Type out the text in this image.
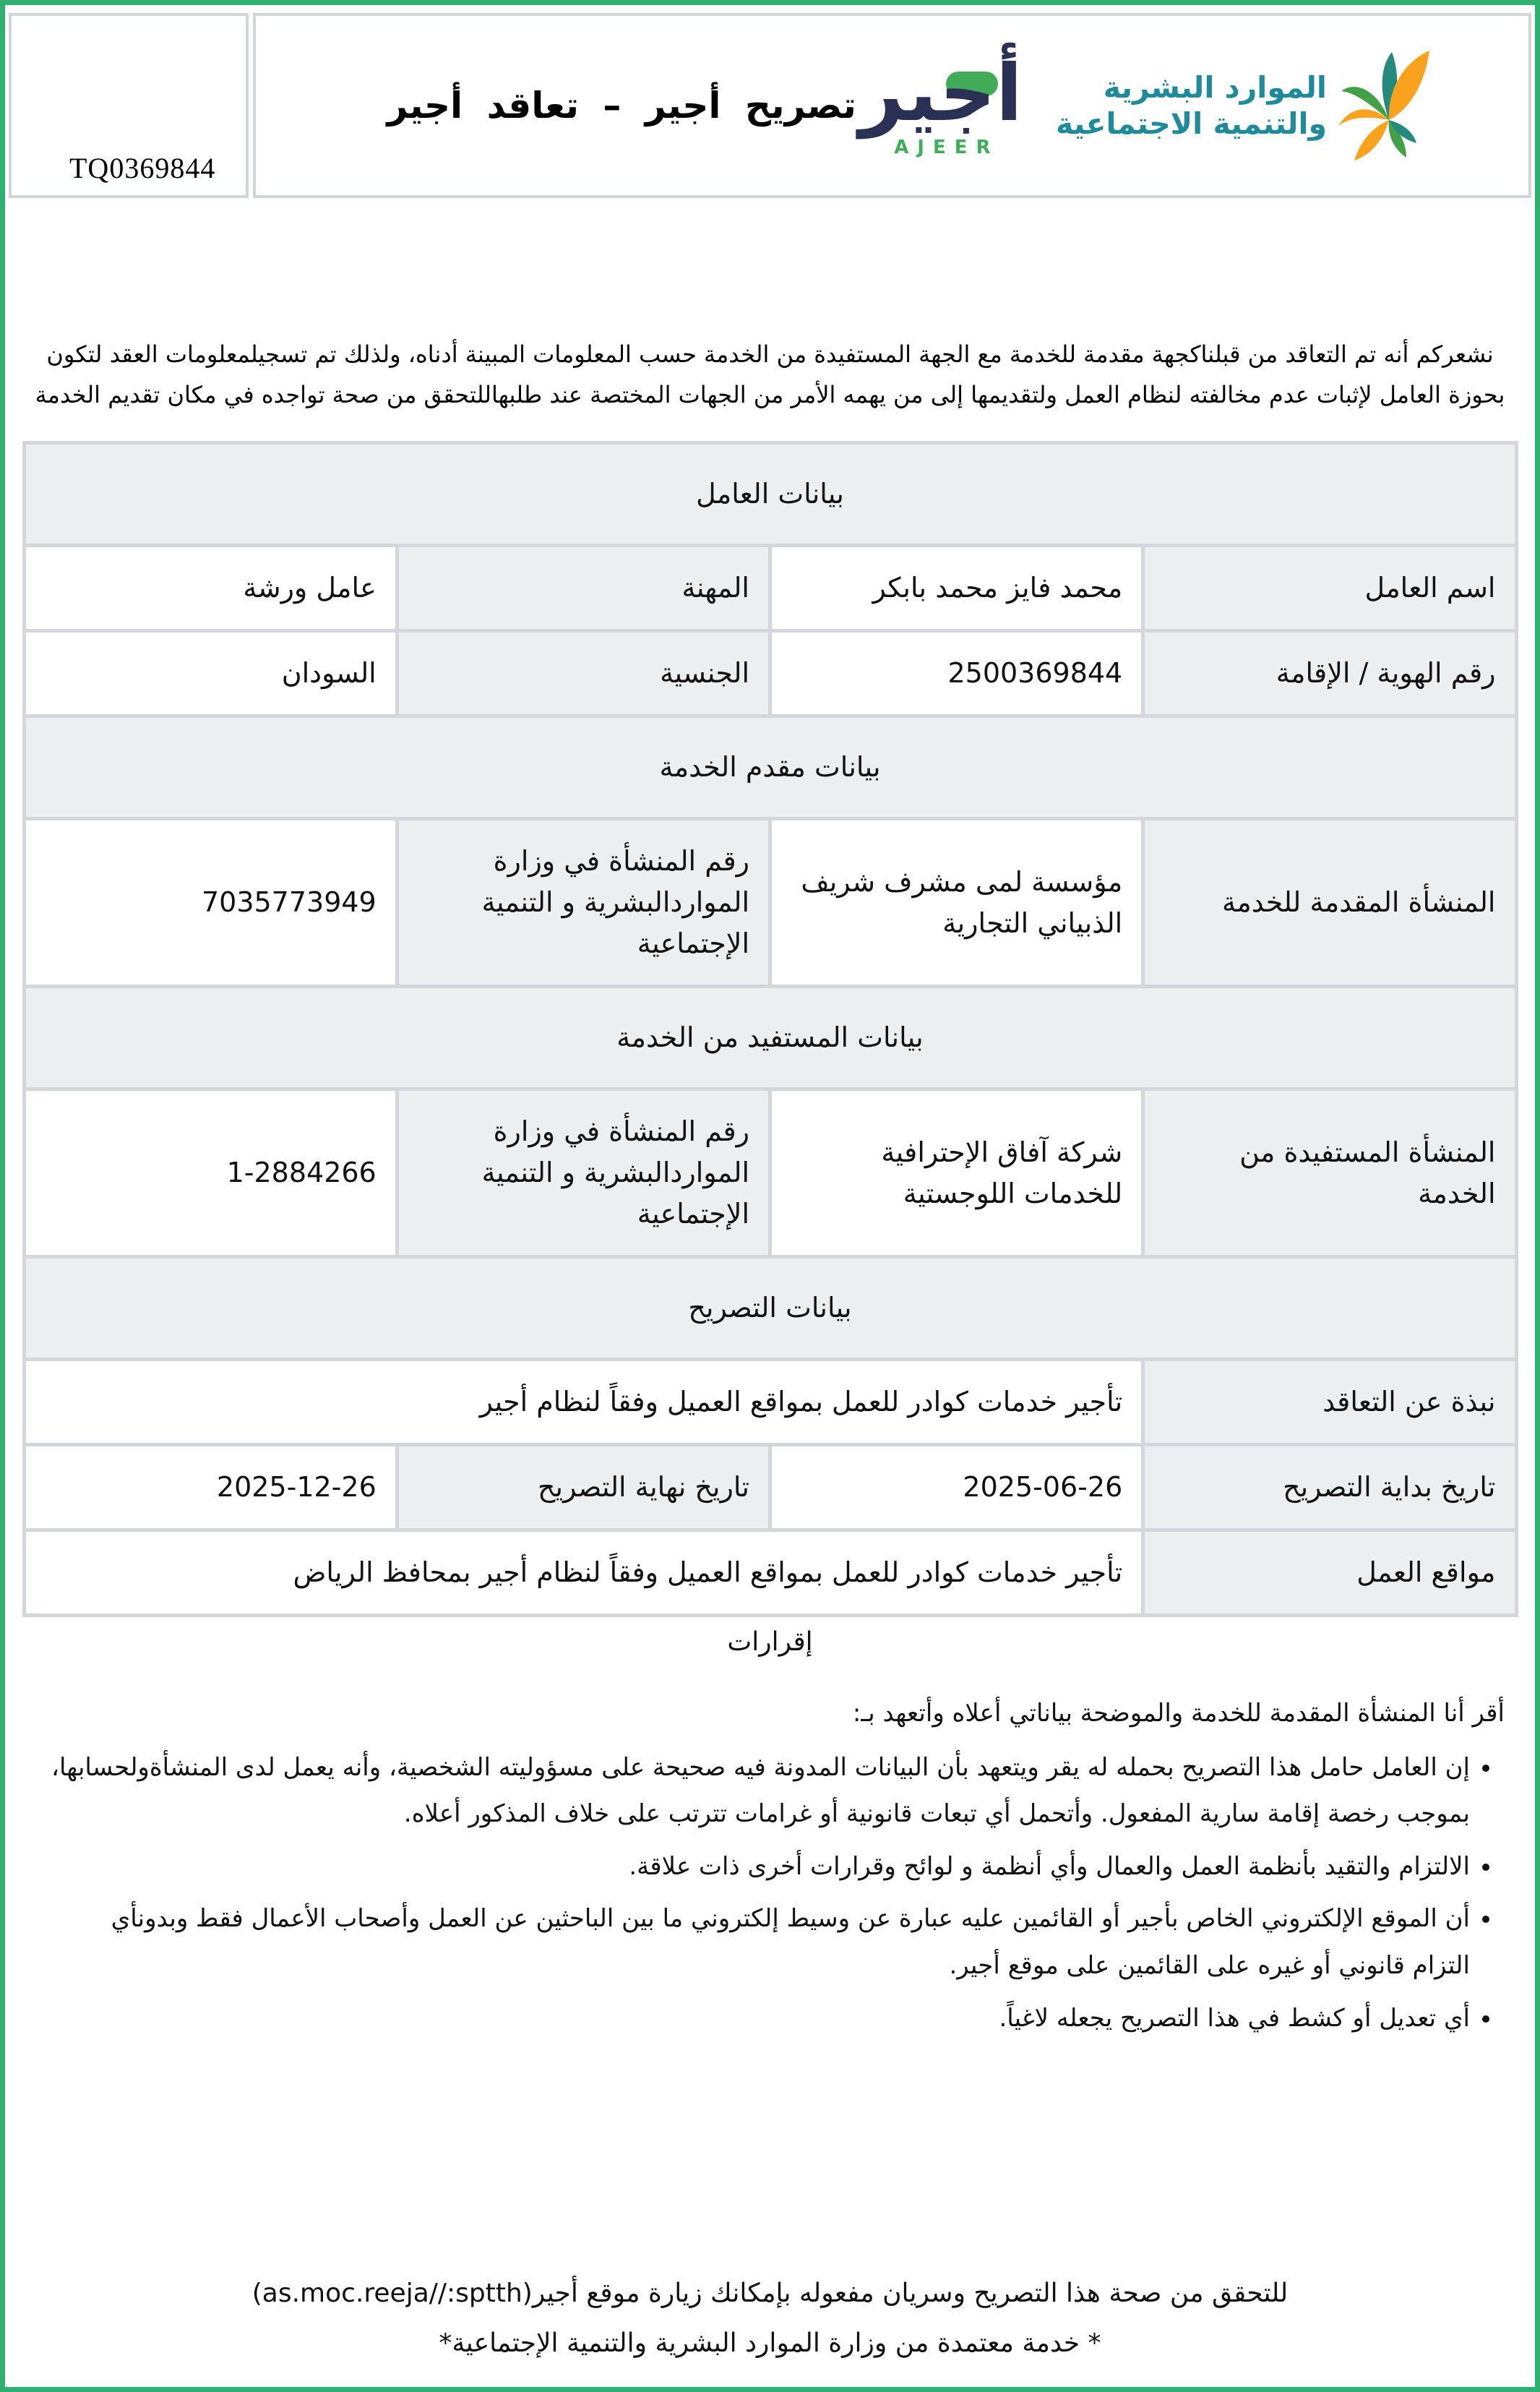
TQ0369844
الموارد البشرية
والتنمية الاجتماعية
أجير
AJEER
تصريح أجير – تعاقد أجير

نشعركم أنه تم التعاقد من قبلناكجهة مقدمة للخدمة مع الجهة المستفيدة من الخدمة حسب المعلومات المبينة أدناه، ولذلك تم تسجيلمعلومات العقد لتكون بحوزة العامل لإثبات عدم مخالفته لنظام العمل ولتقديمها إلى من يهمه الأمر من الجهات المختصة عند طلبهاللتحقق من صحة تواجده في مكان تقديم الخدمة

بيانات العامل			
اسم العامل	محمد فايز محمد بابكر	المهنة	عامل ورشة
رقم الهوية / الإقامة	2500369844	الجنسية	السودان
بيانات مقدم الخدمة			
المنشأة المقدمة للخدمة	مؤسسة لمى مشرف شريف الذبياني التجارية	رقم المنشأة في وزارة المواردالبشرية و التنمية الإجتماعية	7035773949
بيانات المستفيد من الخدمة			
المنشأة المستفيدة من الخدمة	شركة آفاق الإحترافية للخدمات اللوجستية	رقم المنشأة في وزارة المواردالبشرية و التنمية الإجتماعية	1-2884266
بيانات التصريح			
نبذة عن التعاقد	تأجير خدمات كوادر للعمل بمواقع العميل وفقاً لنظام أجير		
تاريخ بداية التصريح	2025-06-26	تاريخ نهاية التصريح	2025-12-26
مواقع العمل	تأجير خدمات كوادر للعمل بمواقع العميل وفقاً لنظام أجير بمحافظ الرياض		
إقرارات
أقر أنا المنشأة المقدمة للخدمة والموضحة بياناتي أعلاه وأتعهد بـ:
• إن العامل حامل هذا التصريح بحمله له يقر ويتعهد بأن البيانات المدونة فيه صحيحة على مسؤوليته الشخصية، وأنه يعمل لدى المنشأةولحسابها، بموجب رخصة إقامة سارية المفعول. وأتحمل أي تبعات قانونية أو غرامات تترتب على خلاف المذكور أعلاه.
• الالتزام والتقيد بأنظمة العمل والعمال وأي أنظمة و لوائح وقرارات أخرى ذات علاقة.
• أن الموقع الإلكتروني الخاص بأجير أو القائمين عليه عبارة عن وسيط إلكتروني ما بين الباحثين عن العمل وأصحاب الأعمال فقط وبدونأي التزام قانوني أو غيره على القائمين على موقع أجير.
• أي تعديل أو كشط في هذا التصريح يجعله لاغياً.
للتحقق من صحة هذا التصريح وسريان مفعوله بإمكانك زيارة موقع أجير(as.moc.reeja//:sptth)
* خدمة معتمدة من وزارة الموارد البشرية والتنمية الإجتماعية*
